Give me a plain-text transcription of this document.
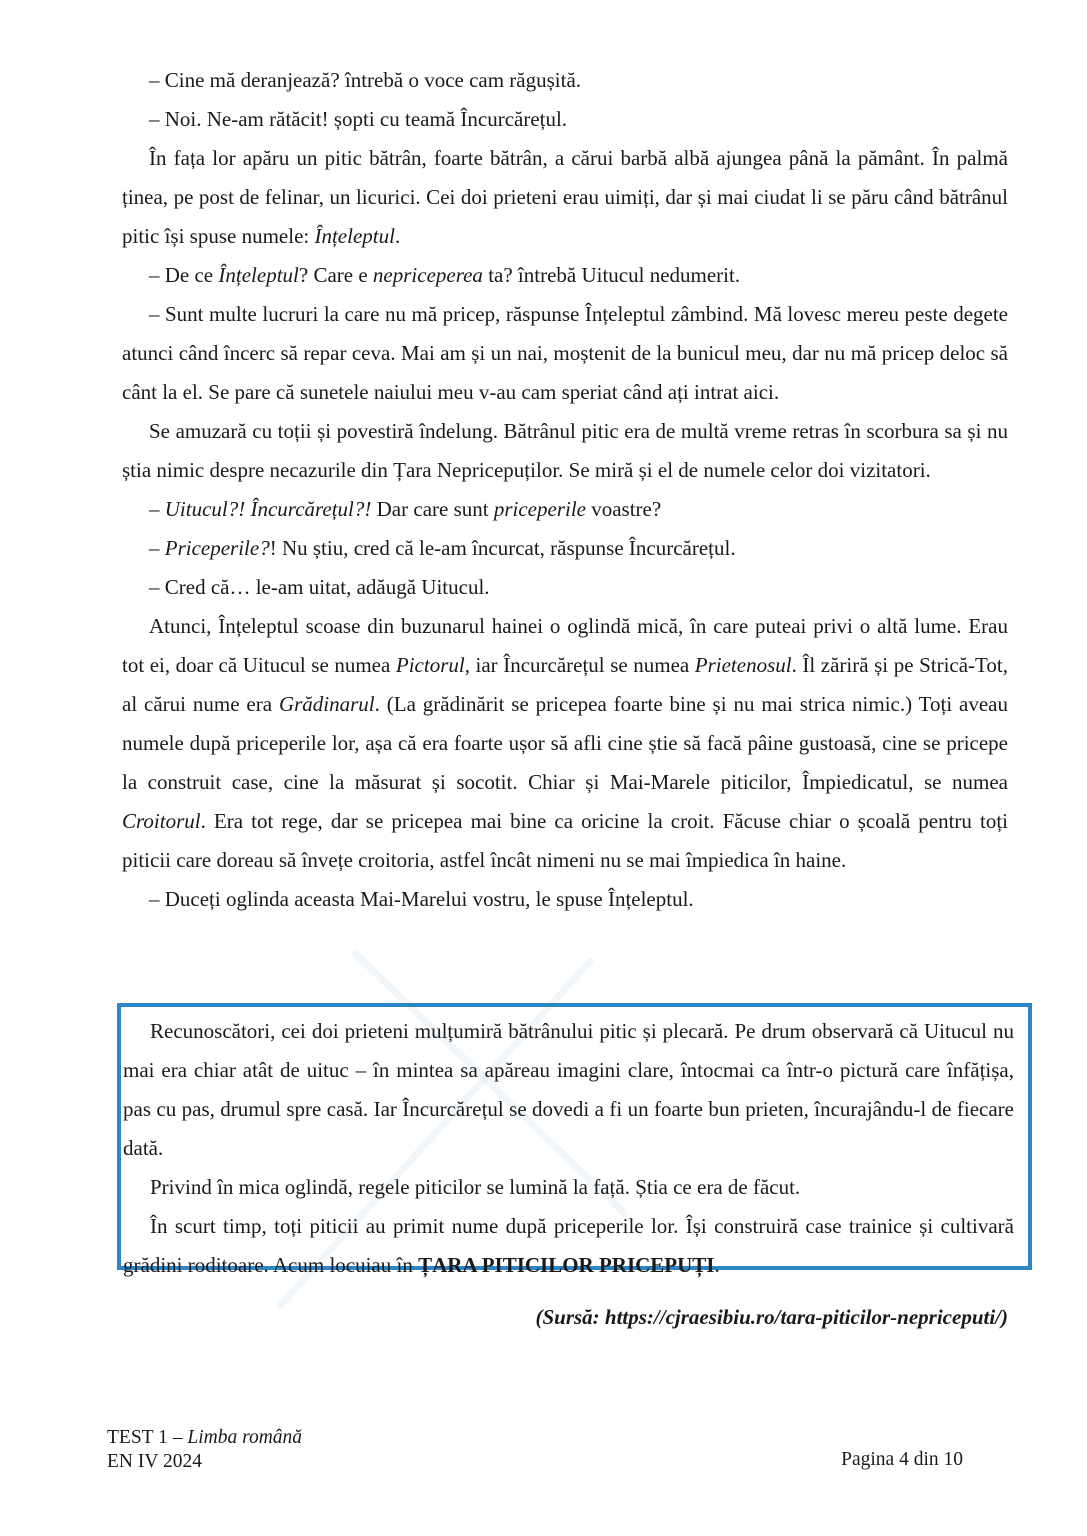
– Cine mă deranjează? întrebă o voce cam răgușită.

– Noi. Ne-am rătăcit! șopti cu teamă Încurcărețul.

În fața lor apăru un pitic bătrân, foarte bătrân, a cărui barbă albă ajungea până la pământ. În palmă ținea, pe post de felinar, un licurici. Cei doi prieteni erau uimiți, dar și mai ciudat li se păru când bătrânul pitic își spuse numele: Înțeleptul.

– De ce Înțeleptul? Care e nepriceperea ta? întrebă Uitucul nedumerit.

– Sunt multe lucruri la care nu mă pricep, răspunse Înțeleptul zâmbind. Mă lovesc mereu peste degete atunci când încerc să repar ceva. Mai am și un nai, moștenit de la bunicul meu, dar nu mă pricep deloc să cânt la el. Se pare că sunetele naiului meu v-au cam speriat când ați intrat aici.

Se amuzară cu toții și povestiră îndelung. Bătrânul pitic era de multă vreme retras în scorbura sa și nu știa nimic despre necazurile din Țara Nepricepuților. Se miră și el de numele celor doi vizitatori.

– Uitucul?! Încurcărețul?! Dar care sunt priceperile voastre?

– Priceperile?! Nu știu, cred că le-am încurcat, răspunse Încurcărețul.

– Cred că… le-am uitat, adăugă Uitucul.

Atunci, Înțeleptul scoase din buzunarul hainei o oglindă mică, în care puteai privi o altă lume. Erau tot ei, doar că Uitucul se numea Pictorul, iar Încurcărețul se numea Prietenosul. Îl zăriră și pe Strică-Tot, al cărui nume era Grădinarul. (La grădinărit se pricepea foarte bine și nu mai strica nimic.) Toți aveau numele după priceperile lor, așa că era foarte ușor să afli cine știe să facă pâine gustoasă, cine se pricepe la construit case, cine la măsurat și socotit. Chiar și Mai-Marele piticilor, Împiedicatul, se numea Croitorul. Era tot rege, dar se pricepea mai bine ca oricine la croit. Făcuse chiar o școală pentru toți piticii care doreau să învețe croitoria, astfel încât nimeni nu se mai împiedica în haine.

– Duceți oglinda aceasta Mai-Marelui vostru, le spuse Înțeleptul.

Recunoscători, cei doi prieteni mulțumiră bătrânului pitic și plecară. Pe drum observară că Uitucul nu mai era chiar atât de uituc – în mintea sa apăreau imagini clare, întocmai ca într-o pictură care înfățișa, pas cu pas, drumul spre casă. Iar Încurcărețul se dovedi a fi un foarte bun prieten, încurajându-l de fiecare dată.

Privind în mica oglindă, regele piticilor se lumină la față. Știa ce era de făcut.

În scurt timp, toți piticii au primit nume după priceperile lor. Își construiră case trainice și cultivară grădini roditoare. Acum locuiau în ȚARA PITICILOR PRICEPUȚI.

(Sursă: https://cjraesibiu.ro/tara-piticilor-nepriceputi/)
TEST 1 – Limba română
EN IV 2024	Pagina 4 din 10
